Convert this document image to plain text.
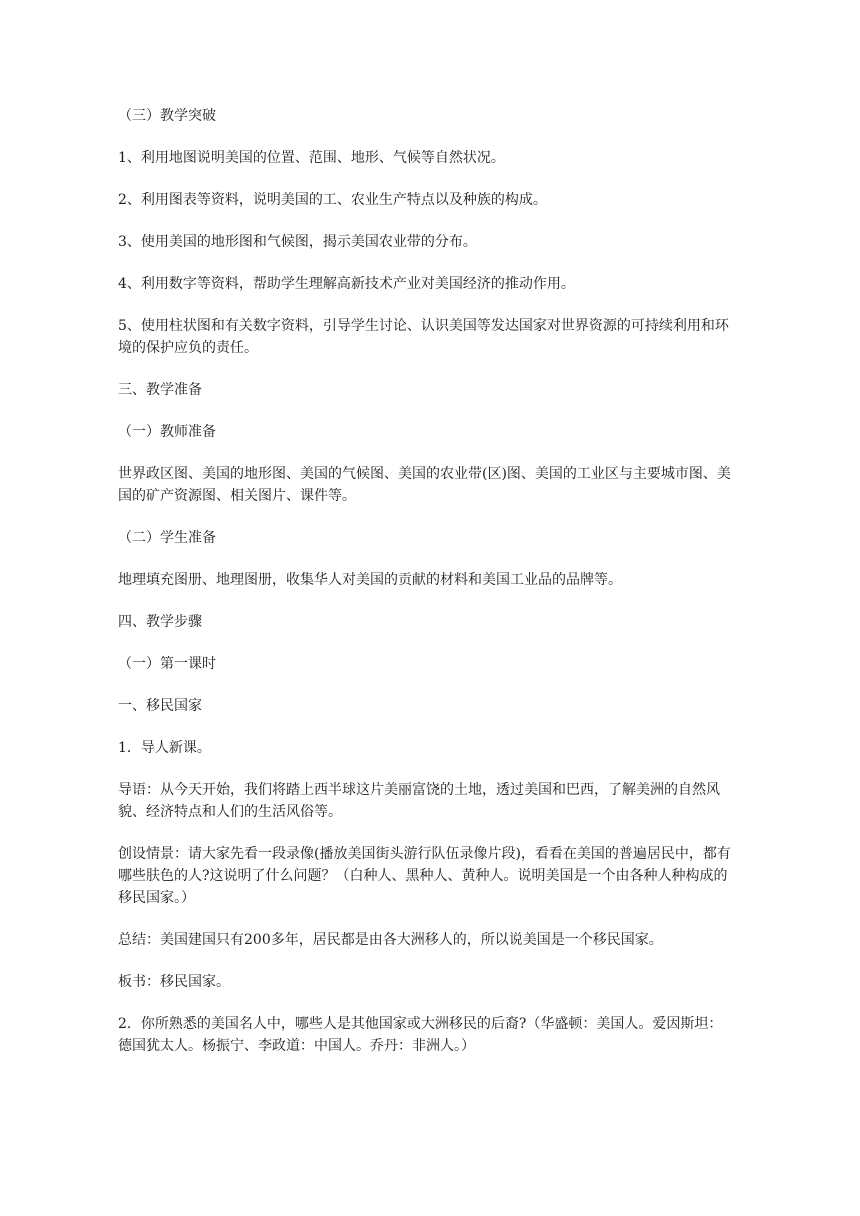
（三）教学突破

1、利用地图说明美国的位置、范围、地形、气候等自然状况。

2、利用图表等资料，说明美国的工、农业生产特点以及种族的构成。

3、使用美国的地形图和气候图，揭示美国农业带的分布。

4、利用数字等资料，帮助学生理解高新技术产业对美国经济的推动作用。

5、使用柱状图和有关数字资料，引导学生讨论、认识美国等发达国家对世界资源的可持续利用和环境的保护应负的责任。

三、教学准备

（一）教师准备

世界政区图、美国的地形图、美国的气候图、美国的农业带(区)图、美国的工业区与主要城市图、美国的矿产资源图、相关图片、课件等。

（二）学生准备

地理填充图册、地理图册，收集华人对美国的贡献的材料和美国工业品的品牌等。

四、教学步骤

（一）第一课时

一、移民国家

1．导人新课。

导语：从今天开始，我们将踏上西半球这片美丽富饶的土地，透过美国和巴西，了解美洲的自然风貌、经济特点和人们的生活风俗等。

创设情景：请大家先看一段录像(播放美国街头游行队伍录像片段)，看看在美国的普遍居民中，都有哪些肤色的人?这说明了什么问题？（白种人、黑种人、黄种人。说明美国是一个由各种人种构成的移民国家。）

总结：美国建国只有200多年，居民都是由各大洲移人的，所以说美国是一个移民国家。

板书：移民国家。

2．你所熟悉的美国名人中，哪些人是其他国家或大洲移民的后裔?（华盛顿：美国人。爱因斯坦：德国犹太人。杨振宁、李政道：中国人。乔丹：非洲人。）
